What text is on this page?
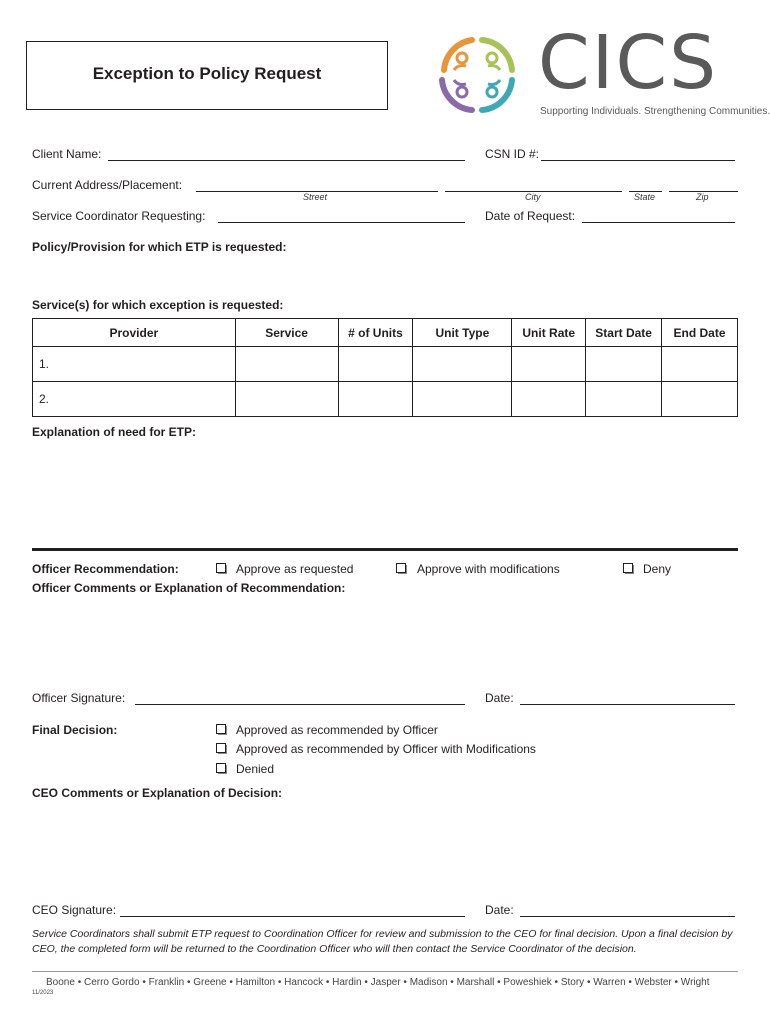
Exception to Policy Request	CICS
Supporting Individuals. Strengthening Communities.
Client Name:	CSN ID #:
Current Address/Placement:
Street	City	State	Zip
Service Coordinator Requesting:	Date of Request:
Policy/Provision for which ETP is requested:
Service(s) for which exception is requested:
Provider	Service	# of Units	Unit Type	Unit Rate	Start Date	End Date
1.						
2.						
Explanation of need for ETP:
Officer Recommendation:	Approve as requested	Approve with modifications	Deny
Officer Comments or Explanation of Recommendation:
Officer Signature:	Date:
Final Decision:	Approved as recommended by Officer
Approved as recommended by Officer with Modifications
Denied
CEO Comments or Explanation of Decision:
CEO Signature:	Date:
Service Coordinators shall submit ETP request to Coordination Officer for review and submission to the CEO for final decision. Upon a final decision by CEO, the completed form will be returned to the Coordination Officer who will then contact the Service Coordinator of the decision.
Boone • Cerro Gordo • Franklin • Greene • Hamilton • Hancock • Hardin • Jasper • Madison • Marshall • Poweshiek • Story • Warren • Webster • Wright
11/2023
